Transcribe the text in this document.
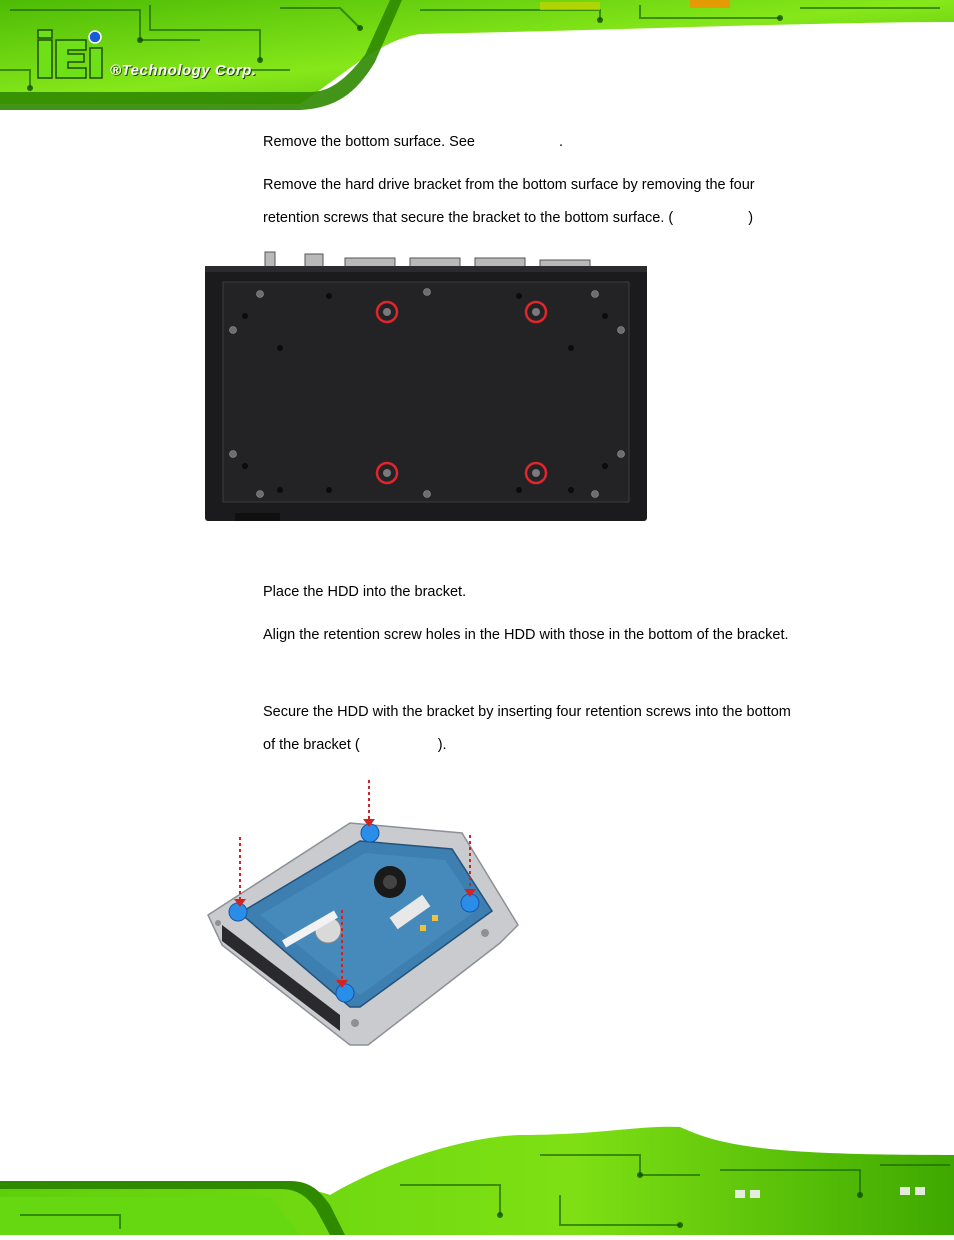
®Technology Corp.

Remove the bottom surface. See	.

Remove the hard drive bracket from the bottom surface by removing the four retention screws that secure the bracket to the bottom surface. (	)

Place the HDD into the bracket.

Align the retention screw holes in the HDD with those in the bottom of the bracket.

Secure the HDD with the bracket by inserting four retention screws into the bottom of the bracket (	).
